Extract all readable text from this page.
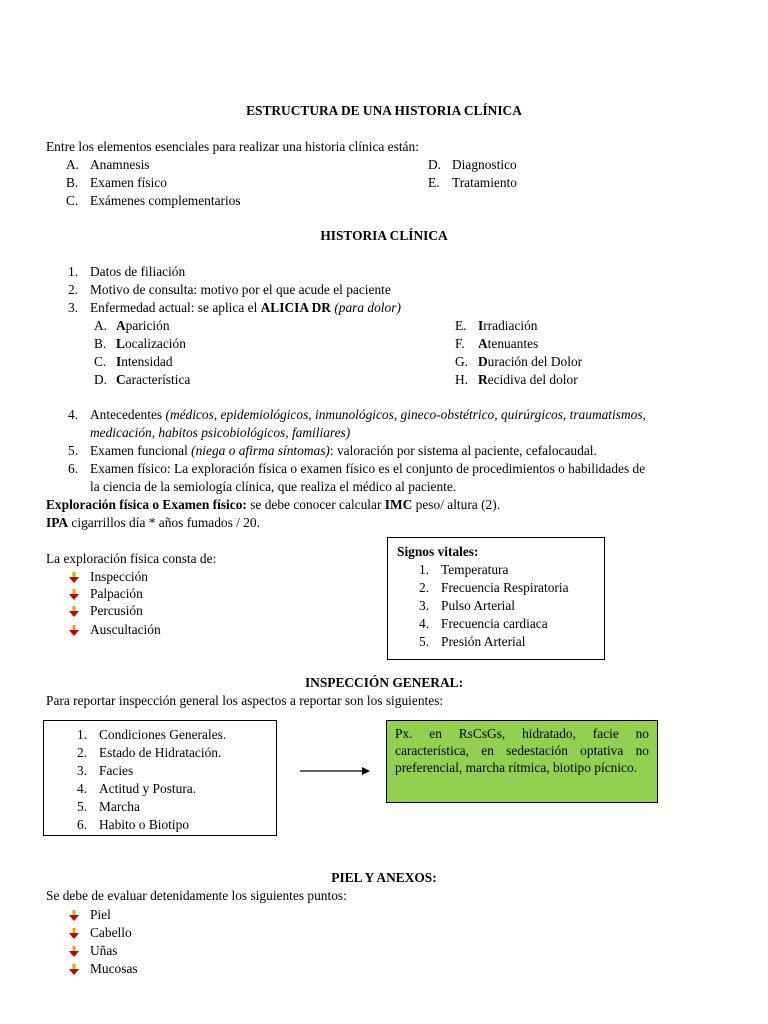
ESTRUCTURA DE UNA HISTORIA CLÍNICA
Entre los elementos esenciales para realizar una historia clínica están:
A. Anamnesis
B. Examen físico
C. Exámenes complementarios
D. Diagnostico
E. Tratamiento
HISTORIA CLÍNICA
1. Datos de filiación
2. Motivo de consulta: motivo por el que acude el paciente
3. Enfermedad actual: se aplica el ALICIA DR (para dolor)
A. Aparición
B. Localización
C. Intensidad
D. Característica
E. Irradiación
F. Atenuantes
G. Duración del Dolor
H. Recidiva del dolor
4. Antecedentes (médicos, epidemiológicos, inmunológicos, gineco-obstétrico, quirúrgicos, traumatismos,
medicación, habitos psicobiológicos, familiares)
5. Examen funcional (niega o afirma síntomas): valoración por sistema al paciente, cefalocaudal.
6. Examen físico: La exploración física o examen físico es el conjunto de procedimientos o habilidades de
la ciencia de la semiología clínica, que realiza el médico al paciente.
Exploración física o Examen físico: se debe conocer calcular IMC peso/ altura (2).
IPA cigarrillos día * años fumados / 20.
La exploración física consta de:
Inspección
Palpación
Percusión
Auscultación
Signos vitales:
1. Temperatura
2. Frecuencia Respiratoria
3. Pulso Arterial
4. Frecuencia cardiaca
5. Presión Arterial
INSPECCIÓN GENERAL:
Para reportar inspección general los aspectos a reportar son los siguientes:
1. Condiciones Generales.
2. Estado de Hidratación.
3. Facies
4. Actitud y Postura.
5. Marcha
6. Habito o Biotipo
Px. en RsCsGs, hidratado, facie no característica, en sedestación optativa no preferencial, marcha rítmica, biotipo pícnico.
PIEL Y ANEXOS:
Se debe de evaluar detenidamente los siguientes puntos:
Piel
Cabello
Uñas
Mucosas
